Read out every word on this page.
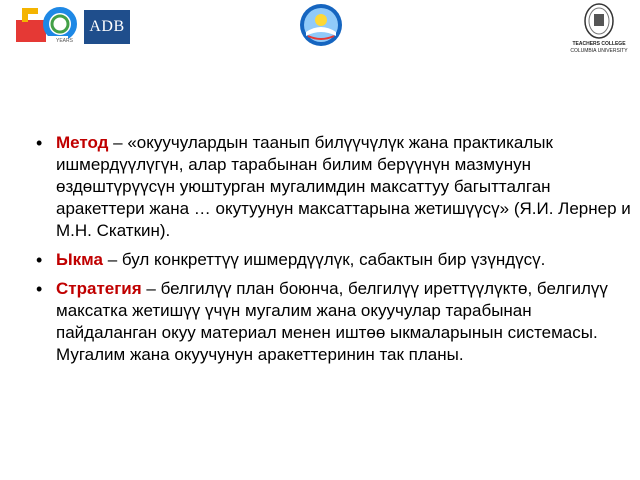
YEARS
ADB
TEACHERS COLLEGE
COLUMBIA UNIVERSITY
• Метод – «окуучулардын таанып билүүчүлүк жана практикалык ишмердүүлүгүн, алар тарабынан билим берүүнүн мазмунун өздөштүрүүсүн уюштурган мугалимдин максаттуу багытталган аракеттери жана … окутуунун максаттарына жетишүүсү» (Я.И. Лернер и М.Н. Скаткин).
• Ыкма – бул конкреттүү ишмердүүлүк, сабактын бир үзүндүсү.
• Стратегия – белгилүү план боюнча, белгилүү иреттүүлүктө, белгилүү максатка жетишүү үчүн мугалим жана окуучулар тарабынан пайдаланган окуу материал менен иштөө ыкмаларынын системасы. Мугалим жана окуучунун аракеттеринин так планы.
